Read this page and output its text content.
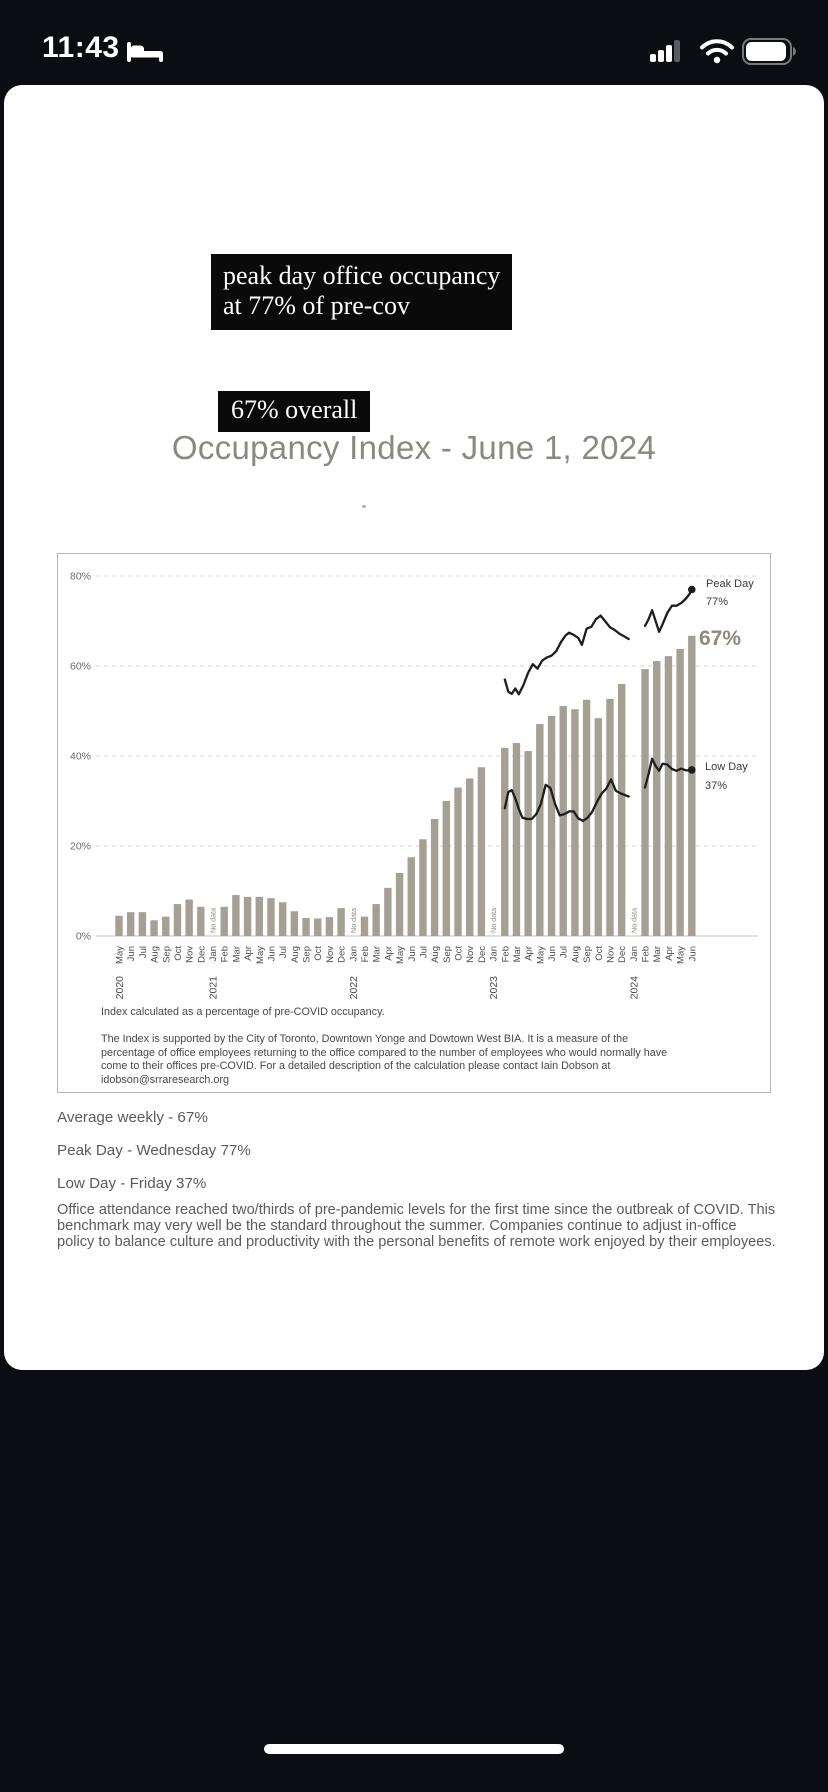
11:43
peak day office occupancy
at 77% of pre-cov
67% overall
Occupancy Index - June 1, 2024
80%
60%
40%
20%
0%
May Jun Jul Aug Sep Oct Nov Dec
No data
Jan Feb Mar Apr May Jun Jul Aug Sep Oct Nov Dec
No data
Jan Feb Mar Apr May Jun Jul Aug Sep Oct Nov Dec
No data
Jan Feb Mar Apr May Jun Jul Aug Sep Oct Nov Dec
No data
Jan Feb Mar Apr May Jun
2020	2021	2022	2023	2024
Peak Day
77%
67%
Low Day
37%
Index calculated as a percentage of pre-COVID occupancy.
The Index is supported by the City of Toronto, Downtown Yonge and Dowtown West BIA. It is a measure of the percentage of office employees returning to the office compared to the number of employees who would normally have come to their offices pre-COVID. For a detailed description of the calculation please contact Iain Dobson at idobson@srraresearch.org
Average weekly - 67%
Peak Day - Wednesday 77%
Low Day - Friday 37%
Office attendance reached two/thirds of pre-pandemic levels for the first time since the outbreak of COVID. This benchmark may very well be the standard throughout the summer. Companies continue to adjust in-office policy to balance culture and productivity with the personal benefits of remote work enjoyed by their employees.
